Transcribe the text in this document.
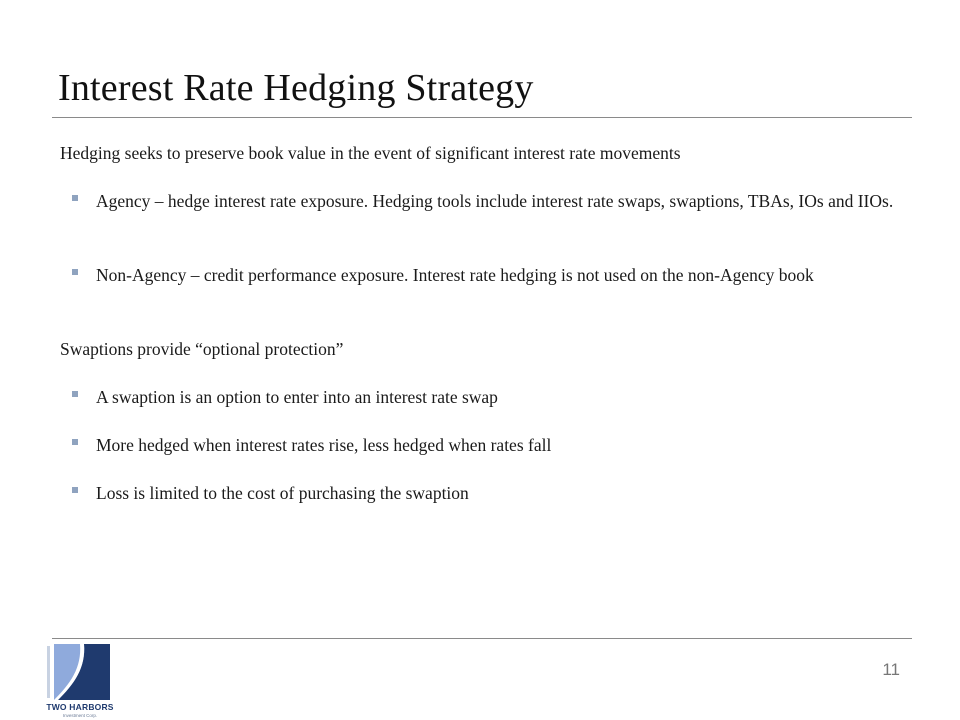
Interest Rate Hedging Strategy
Hedging seeks to preserve book value in the event of significant interest rate movements
Agency – hedge interest rate exposure. Hedging tools include interest rate swaps, swaptions, TBAs, IOs and IIOs.
Non-Agency – credit performance exposure. Interest rate hedging is not used on the non-Agency book
Swaptions provide “optional protection”
A swaption is an option to enter into an interest rate swap
More hedged when interest rates rise, less hedged when rates fall
Loss is limited to the cost of purchasing the swaption
TWO HARBORS
Investment Corp.
11
